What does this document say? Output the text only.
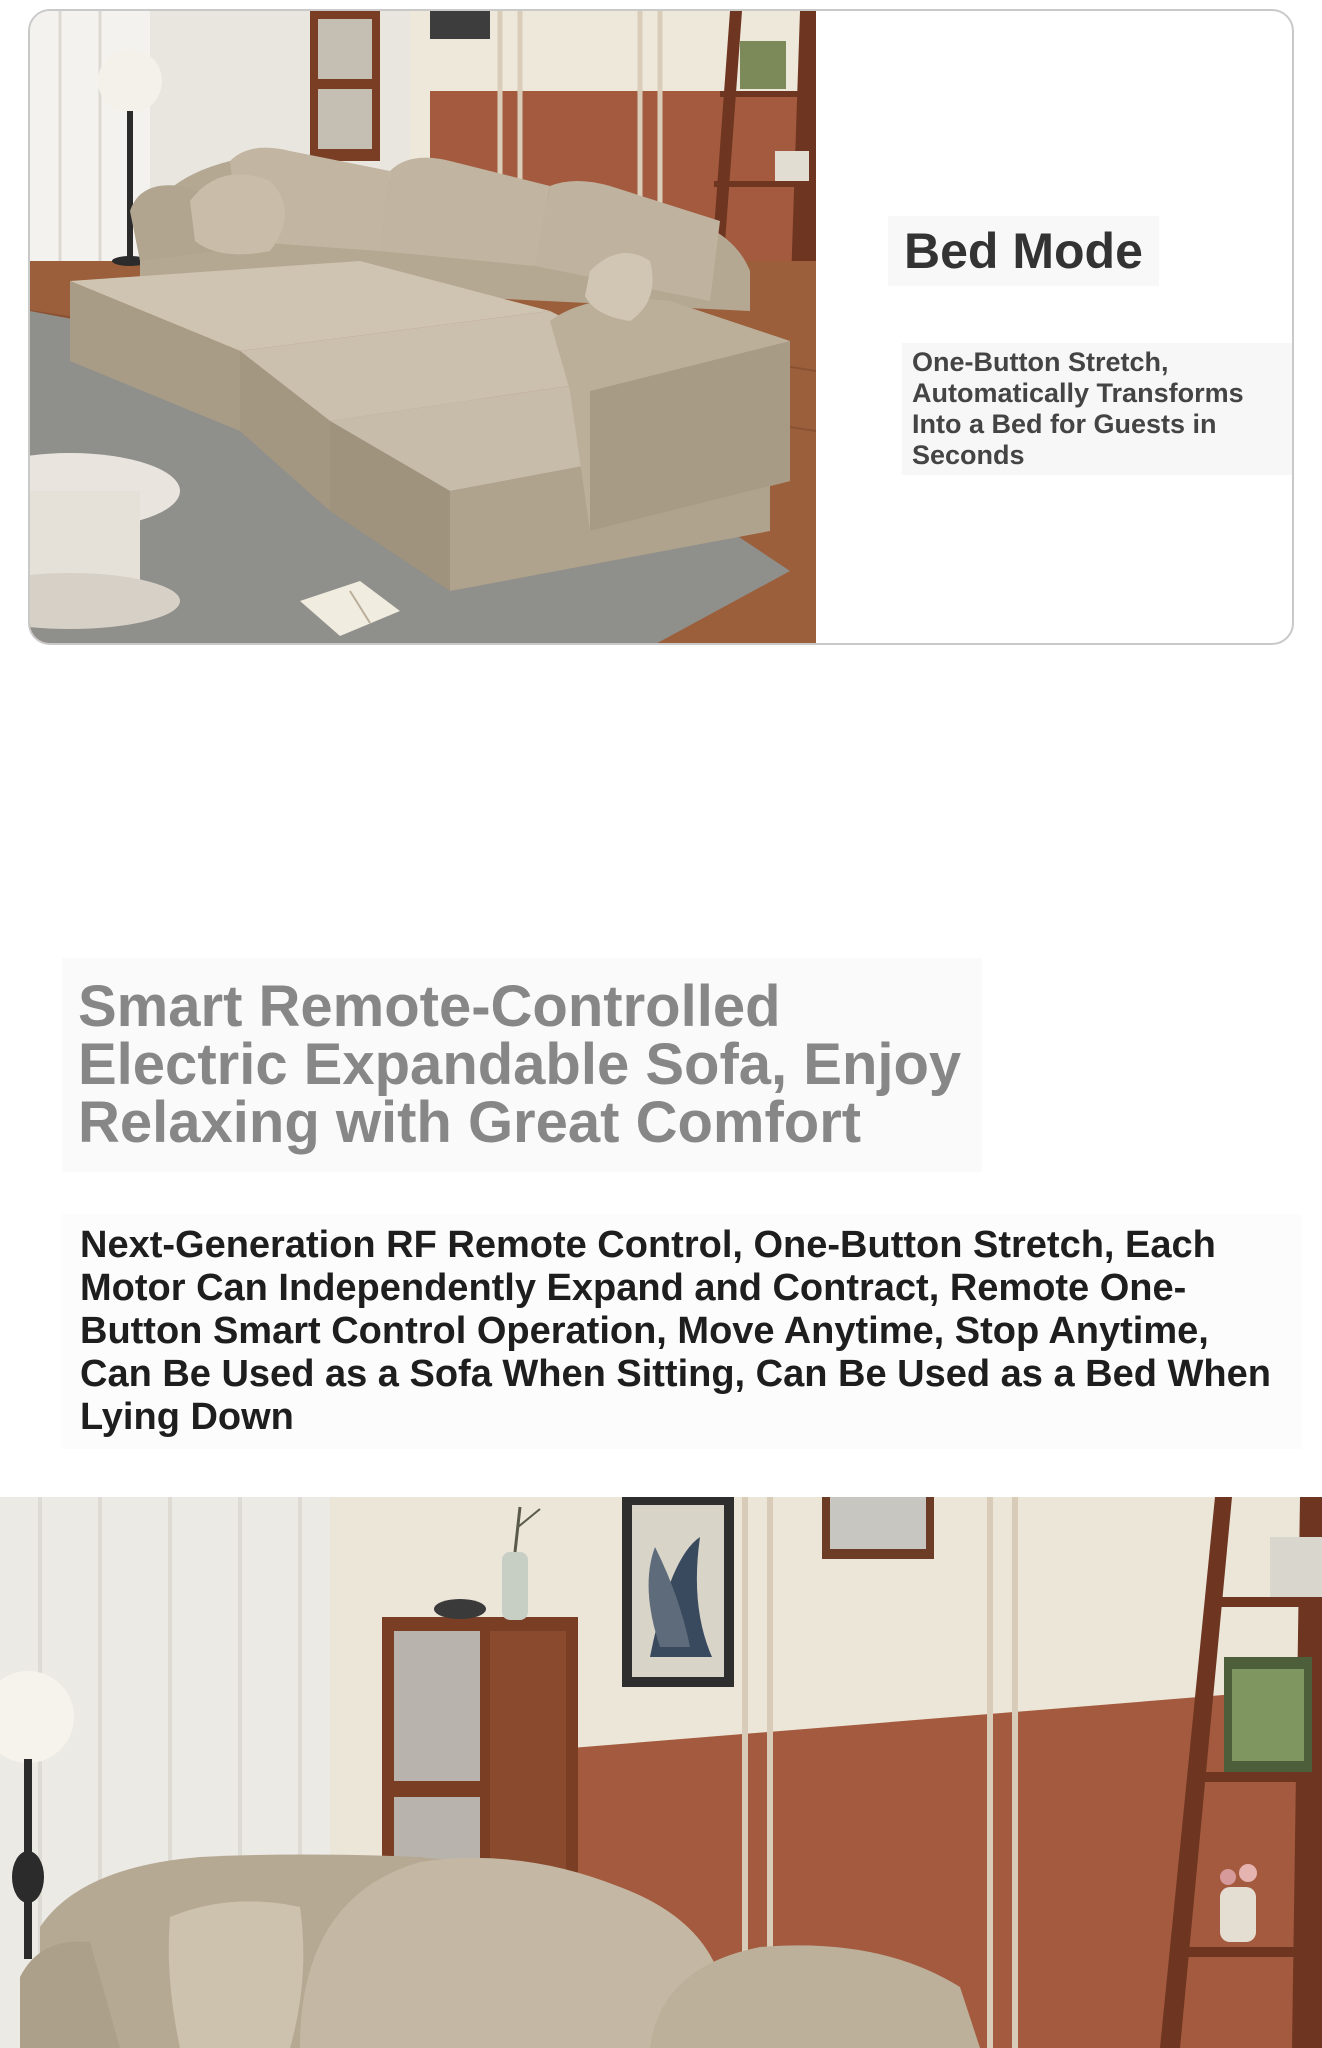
Bed Mode
One-Button Stretch, Automatically Transforms Into a Bed for Guests in Seconds
Smart Remote-Controlled Electric Expandable Sofa, Enjoy Relaxing with Great Comfort
Next-Generation RF Remote Control, One-Button Stretch, Each Motor Can Independently Expand and Contract, Remote One-Button Smart Control Operation, Move Anytime, Stop Anytime, Can Be Used as a Sofa When Sitting, Can Be Used as a Bed When Lying Down
